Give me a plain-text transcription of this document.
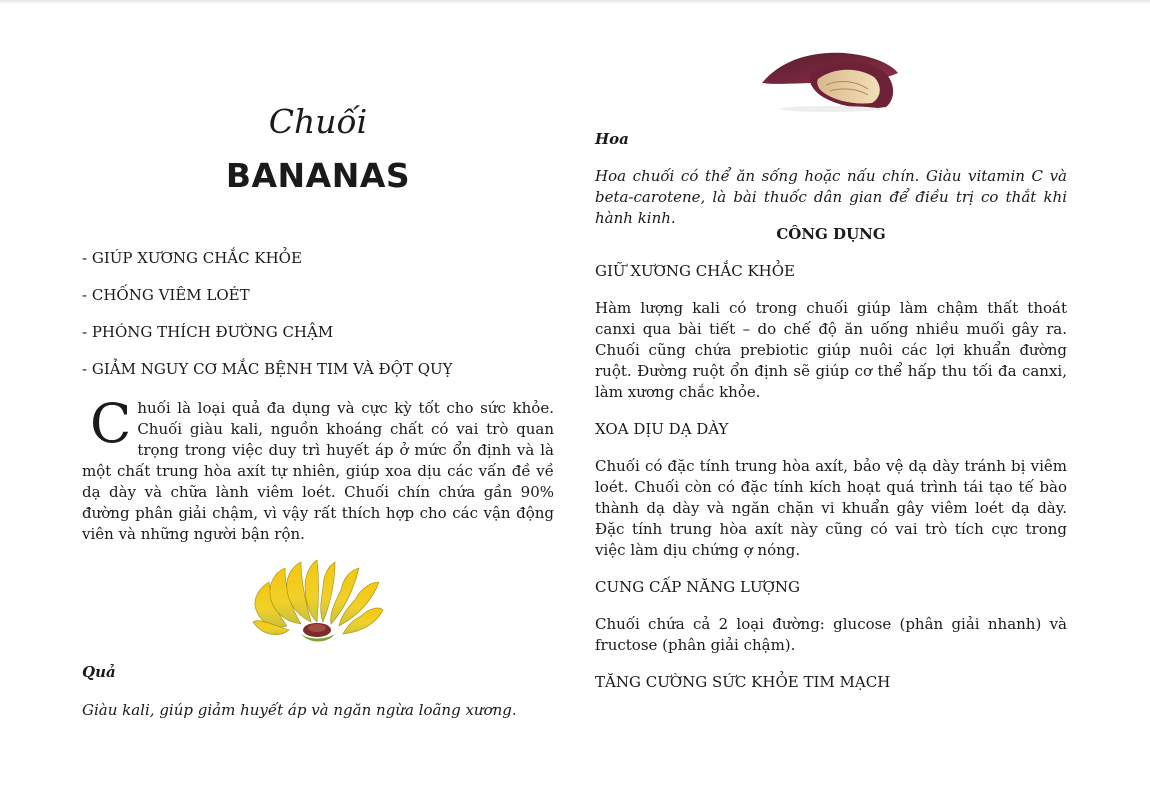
Chuối
BANANAS

- GIÚP XƯƠNG CHẮC KHỎE

- CHỐNG VIÊM LOÉT

- PHÓNG THÍCH ĐƯỜNG CHẬM

- GIẢM NGUY CƠ MẮC BỆNH TIM VÀ ĐỘT QUỴ

Chuối là loại quả đa dụng và cực kỳ tốt cho sức khỏe. Chuối giàu kali, nguồn khoáng chất có vai trò quan trọng trong việc duy trì huyết áp ở mức ổn định và là một chất trung hòa axít tự nhiên, giúp xoa dịu các vấn đề về dạ dày và chữa lành viêm loét. Chuối chín chứa gần 90% đường phân giải chậm, vì vậy rất thích hợp cho các vận động viên và những người bận rộn.

Quả

Giàu kali, giúp giảm huyết áp và ngăn ngừa loãng xương.

Hoa

Hoa chuối có thể ăn sống hoặc nấu chín. Giàu vitamin C và beta-carotene, là bài thuốc dân gian để điều trị co thắt khi hành kinh.

CÔNG DỤNG

GIỮ XƯƠNG CHẮC KHỎE

Hàm lượng kali có trong chuối giúp làm chậm thất thoát canxi qua bài tiết – do chế độ ăn uống nhiều muối gây ra. Chuối cũng chứa prebiotic giúp nuôi các lợi khuẩn đường ruột. Đường ruột ổn định sẽ giúp cơ thể hấp thu tối đa canxi, làm xương chắc khỏe.

XOA DỊU DẠ DÀY

Chuối có đặc tính trung hòa axít, bảo vệ dạ dày tránh bị viêm loét. Chuối còn có đặc tính kích hoạt quá trình tái tạo tế bào thành dạ dày và ngăn chặn vi khuẩn gây viêm loét dạ dày. Đặc tính trung hòa axít này cũng có vai trò tích cực trong việc làm dịu chứng ợ nóng.

CUNG CẤP NĂNG LƯỢNG

Chuối chứa cả 2 loại đường: glucose (phân giải nhanh) và fructose (phân giải chậm).

TĂNG CƯỜNG SỨC KHỎE TIM MẠCH
